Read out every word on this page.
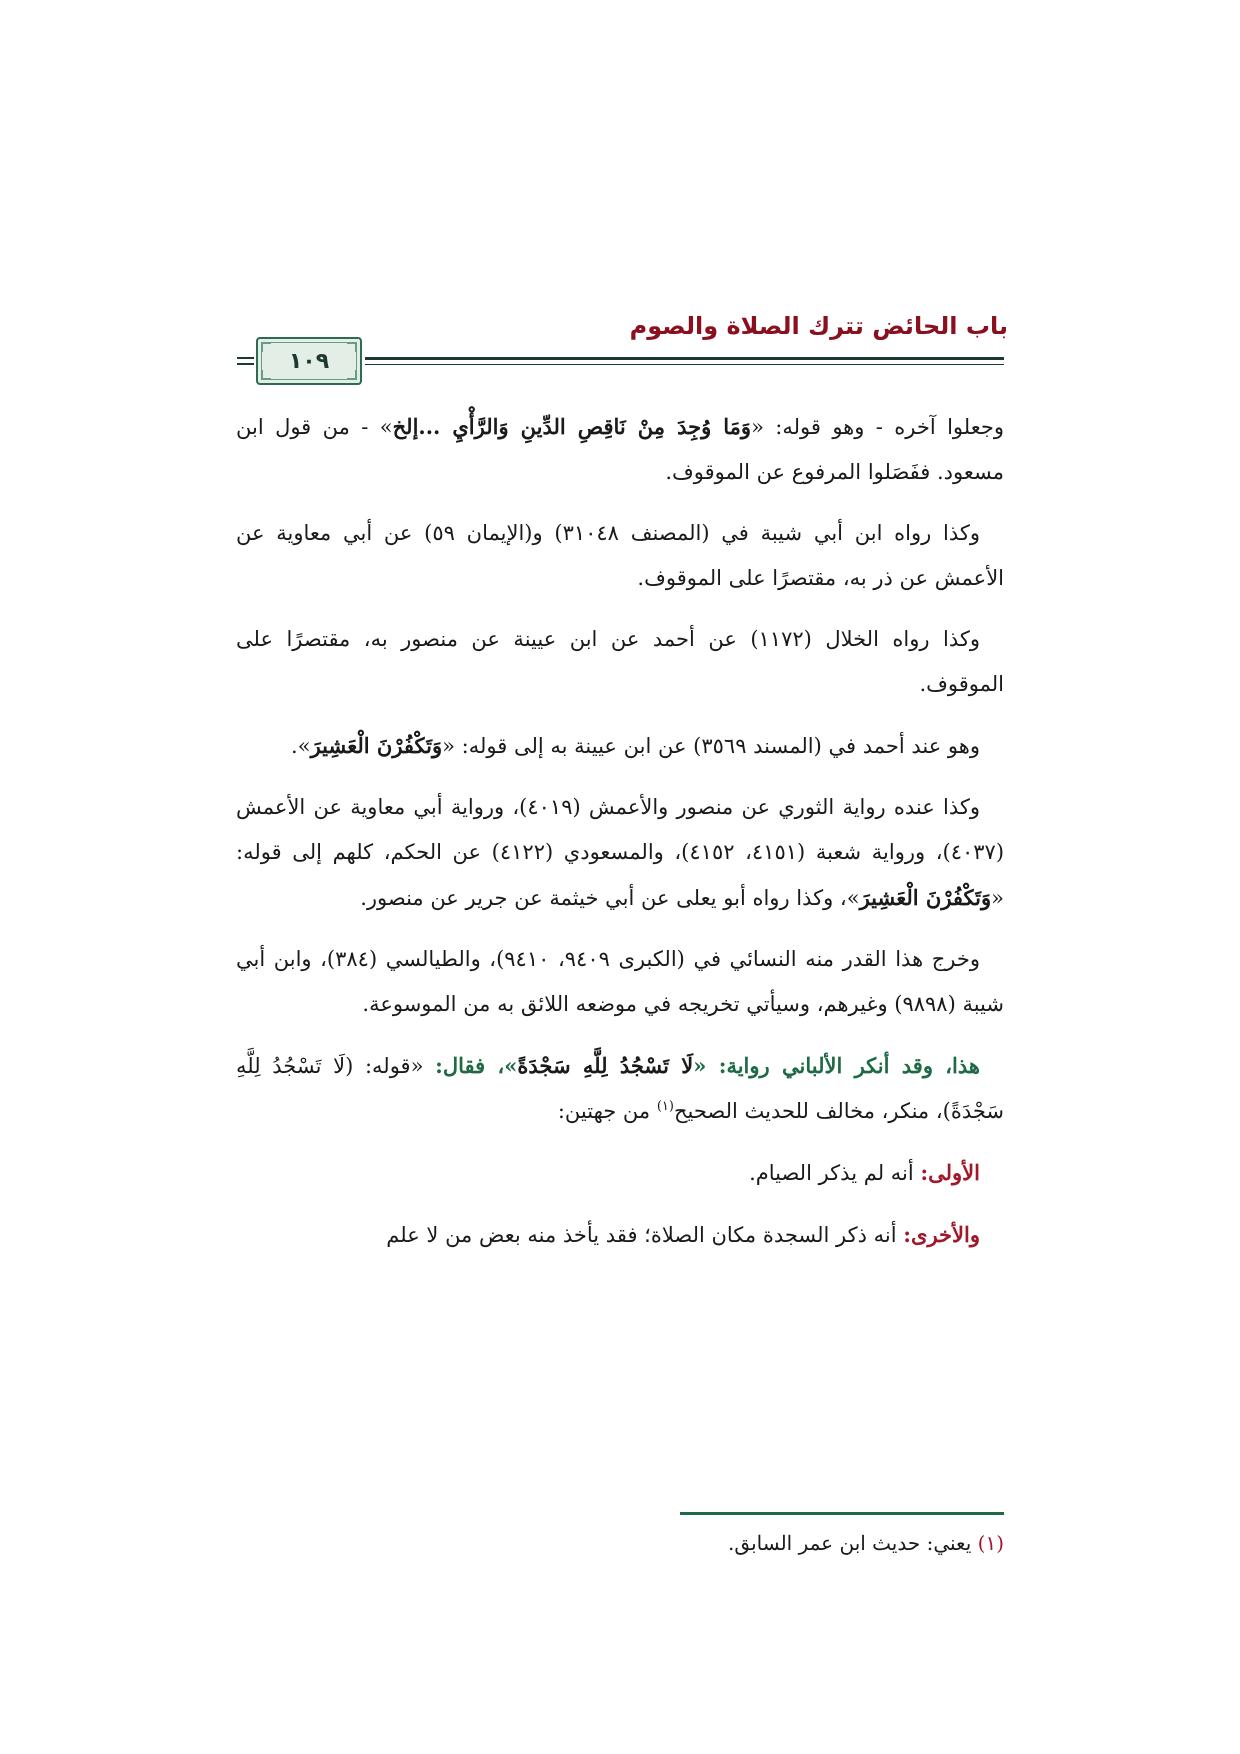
باب الحائض تترك الصلاة والصوم
١٠٩

وجعلوا آخره - وهو قوله: «وَمَا وُجِدَ مِنْ نَاقِصِ الدِّينِ وَالرَّأْيِ ...إلخ» - من قول ابن مسعود. ففَصَلوا المرفوع عن الموقوف.

وكذا رواه ابن أبي شيبة في (المصنف ٣١٠٤٨) و(الإيمان ٥٩) عن أبي معاوية عن الأعمش عن ذر به، مقتصرًا على الموقوف.

وكذا رواه الخلال (١١٧٢) عن أحمد عن ابن عيينة عن منصور به، مقتصرًا على الموقوف.

وهو عند أحمد في (المسند ٣٥٦٩) عن ابن عيينة به إلى قوله: «وَتَكْفُرْنَ الْعَشِيرَ».

وكذا عنده رواية الثوري عن منصور والأعمش (٤٠١٩)، ورواية أبي معاوية عن الأعمش (٤٠٣٧)، ورواية شعبة (٤١٥١، ٤١٥٢)، والمسعودي (٤١٢٢) عن الحكم، كلهم إلى قوله: «وَتَكْفُرْنَ الْعَشِيرَ»، وكذا رواه أبو يعلى عن أبي خيثمة عن جرير عن منصور.

وخرج هذا القدر منه النسائي في (الكبرى ٩٤٠٩، ٩٤١٠)، والطيالسي (٣٨٤)، وابن أبي شيبة (٩٨٩٨) وغيرهم، وسيأتي تخريجه في موضعه اللائق به من الموسوعة.

هذا، وقد أنكر الألباني رواية: «لَا تَسْجُدُ لِلَّهِ سَجْدَةً»، فقال: «قوله: (لَا تَسْجُدُ لِلَّهِ سَجْدَةً)، منكر، مخالف للحديث الصحيح$^{(١)}$ من جهتين:

الأولى: أنه لم يذكر الصيام.

والأخرى: أنه ذكر السجدة مكان الصلاة؛ فقد يأخذ منه بعض من لا علم

(١) يعني: حديث ابن عمر السابق.
